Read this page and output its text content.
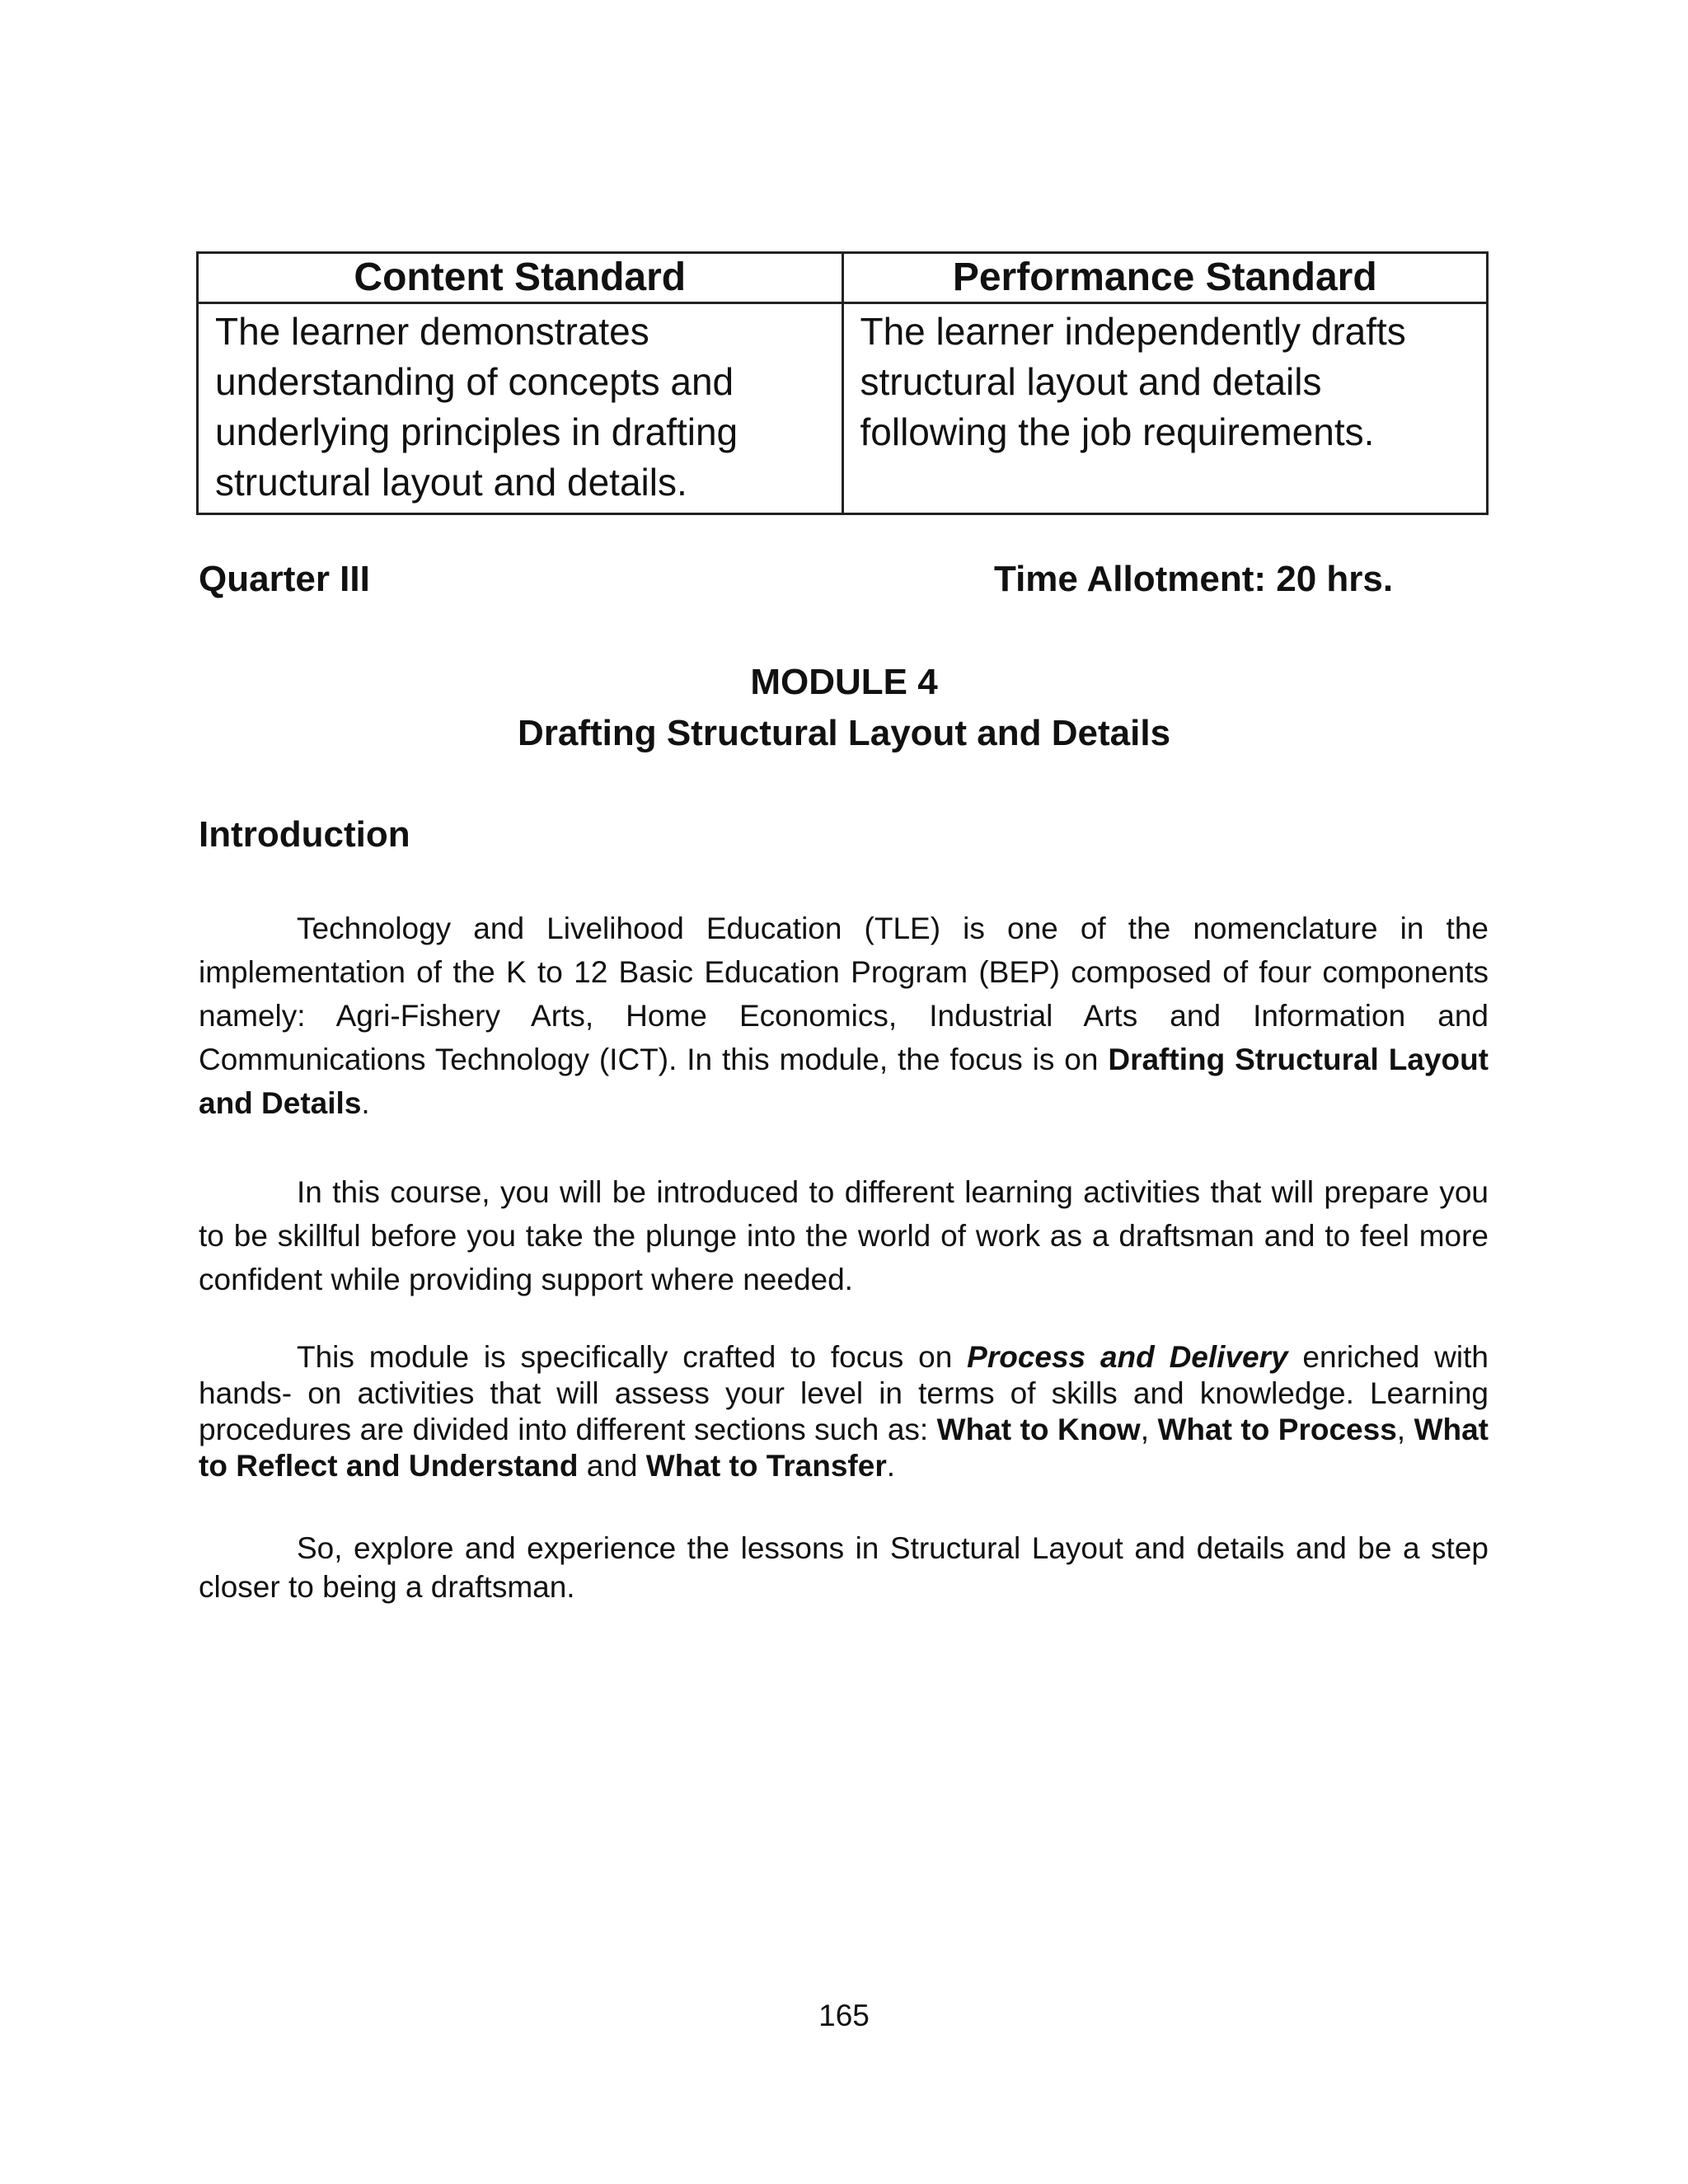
Content Standard	Performance Standard
The learner demonstrates understanding of concepts and underlying principles in drafting structural layout and details.	The learner independently drafts structural layout and details following the job requirements.
Quarter III	Time Allotment: 20 hrs.
MODULE 4
Drafting Structural Layout and Details
Introduction

Technology and Livelihood Education (TLE) is one of the nomenclature in the implementation of the K to 12 Basic Education Program (BEP) composed of four components namely: Agri-Fishery Arts, Home Economics, Industrial Arts and Information and Communications Technology (ICT). In this module, the focus is on Drafting Structural Layout and Details.

In this course, you will be introduced to different learning activities that will prepare you to be skillful before you take the plunge into the world of work as a draftsman and to feel more confident while providing support where needed.

This module is specifically crafted to focus on Process and Delivery enriched with hands- on activities that will assess your level in terms of skills and knowledge. Learning procedures are divided into different sections such as: What to Know, What to Process, What to Reflect and Understand and What to Transfer.

So, explore and experience the lessons in Structural Layout and details and be a step closer to being a draftsman.

165
